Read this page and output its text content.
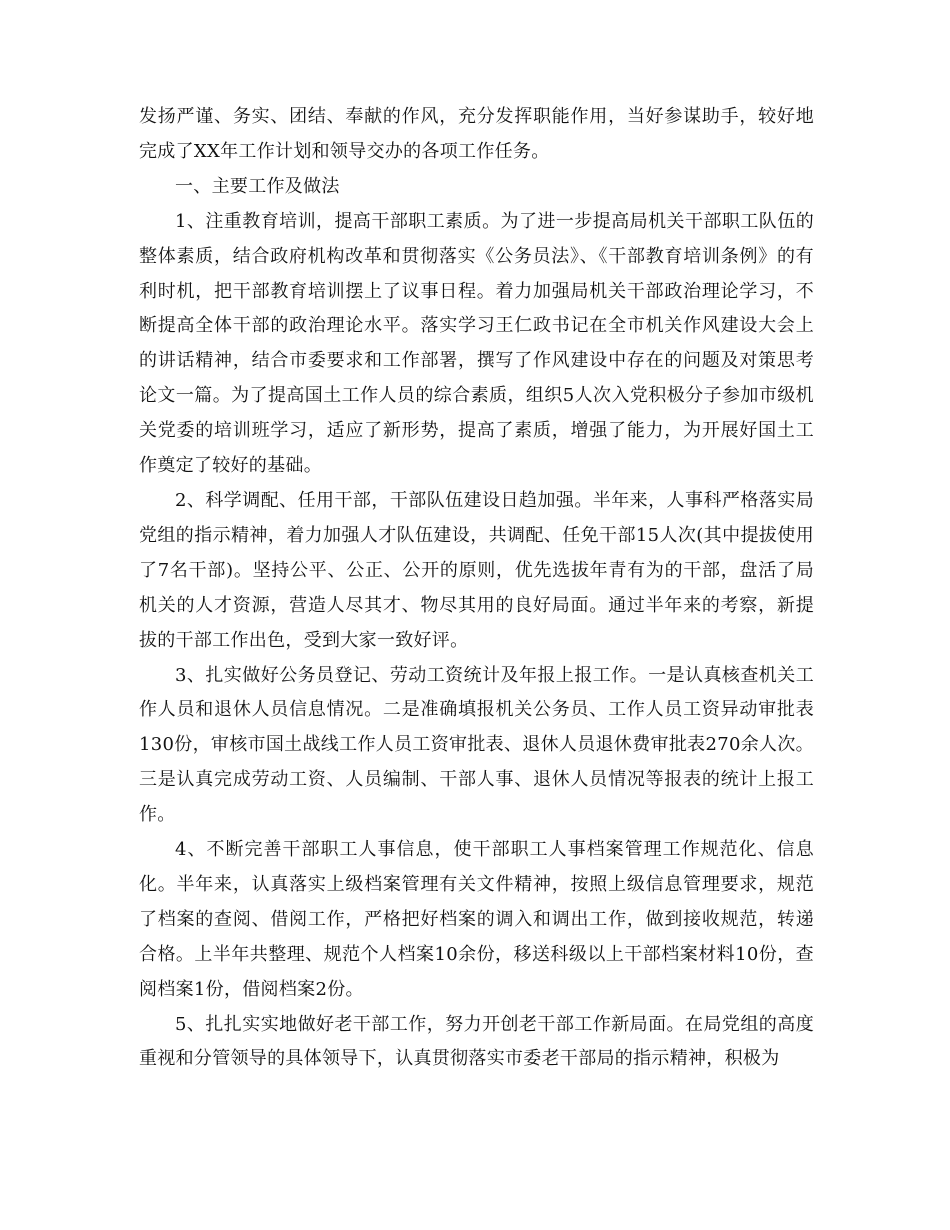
发扬严谨、务实、团结、奉献的作风，充分发挥职能作用，当好参谋助手，较好地完成了XX年工作计划和领导交办的各项工作任务。

一、主要工作及做法

1、注重教育培训，提高干部职工素质。为了进一步提高局机关干部职工队伍的整体素质，结合政府机构改革和贯彻落实《公务员法》、《干部教育培训条例》的有利时机，把干部教育培训摆上了议事日程。着力加强局机关干部政治理论学习，不断提高全体干部的政治理论水平。落实学习王仁政书记在全市机关作风建设大会上的讲话精神，结合市委要求和工作部署，撰写了作风建设中存在的问题及对策思考论文一篇。为了提高国土工作人员的综合素质，组织5人次入党积极分子参加市级机关党委的培训班学习，适应了新形势，提高了素质，增强了能力，为开展好国土工作奠定了较好的基础。

2、科学调配、任用干部，干部队伍建设日趋加强。半年来，人事科严格落实局党组的指示精神，着力加强人才队伍建设，共调配、任免干部15人次(其中提拔使用了7名干部)。坚持公平、公正、公开的原则，优先选拔年青有为的干部，盘活了局机关的人才资源，营造人尽其才、物尽其用的良好局面。通过半年来的考察，新提拔的干部工作出色，受到大家一致好评。

3、扎实做好公务员登记、劳动工资统计及年报上报工作。一是认真核查机关工作人员和退休人员信息情况。二是准确填报机关公务员、工作人员工资异动审批表130份，审核市国土战线工作人员工资审批表、退休人员退休费审批表270余人次。三是认真完成劳动工资、人员编制、干部人事、退休人员情况等报表的统计上报工作。

4、不断完善干部职工人事信息，使干部职工人事档案管理工作规范化、信息化。半年来，认真落实上级档案管理有关文件精神，按照上级信息管理要求，规范了档案的查阅、借阅工作，严格把好档案的调入和调出工作，做到接收规范，转递合格。上半年共整理、规范个人档案10余份，移送科级以上干部档案材料10份，查阅档案1份，借阅档案2份。

5、扎扎实实地做好老干部工作，努力开创老干部工作新局面。在局党组的高度重视和分管领导的具体领导下，认真贯彻落实市委老干部局的指示精神，积极为
